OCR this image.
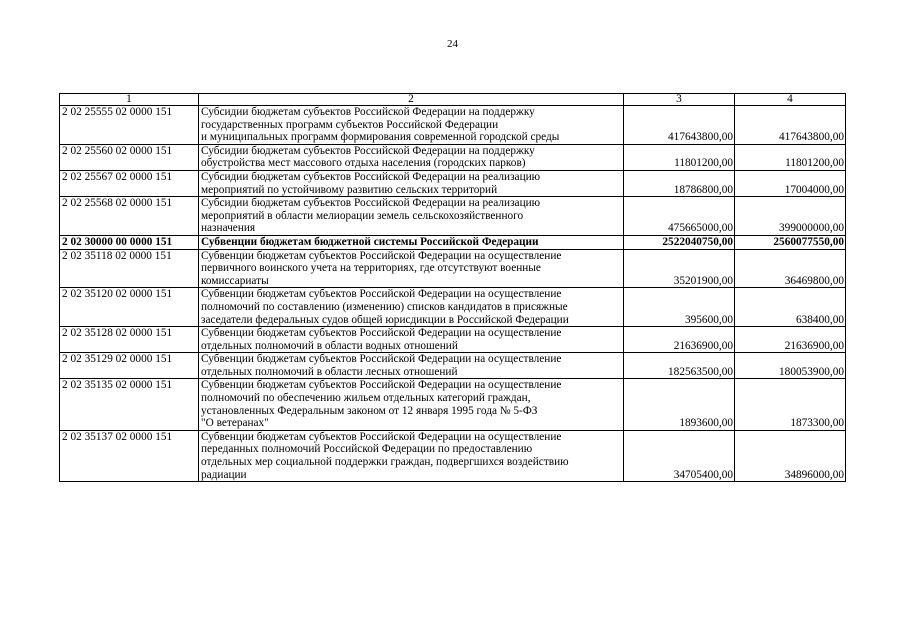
24
1	2	3	4
2 02 25555 02 0000 151	Субсидии бюджетам субъектов Российской Федерации на поддержку
государственных программ субъектов Российской Федерации
и муниципальных программ формирования современной городской среды	417643800,00	417643800,00
2 02 25560 02 0000 151	Субсидии бюджетам субъектов Российской Федерации на поддержку
обустройства мест массового отдыха населения (городских парков)	11801200,00	11801200,00
2 02 25567 02 0000 151	Субсидии бюджетам субъектов Российской Федерации на реализацию
мероприятий по устойчивому развитию сельских территорий	18786800,00	17004000,00
2 02 25568 02 0000 151	Субсидии бюджетам субъектов Российской Федерации на реализацию
мероприятий в области мелиорации земель сельскохозяйственного
назначения	475665000,00	399000000,00
2 02 30000 00 0000 151	Субвенции бюджетам бюджетной системы Российской Федерации	2522040750,00	2560077550,00
2 02 35118 02 0000 151	Субвенции бюджетам субъектов Российской Федерации на осуществление
первичного воинского учета на территориях, где отсутствуют военные
комиссариаты	35201900,00	36469800,00
2 02 35120 02 0000 151	Субвенции бюджетам субъектов Российской Федерации на осуществление
полномочий по составлению (изменению) списков кандидатов в присяжные
заседатели федеральных судов общей юрисдикции в Российской Федерации	395600,00	638400,00
2 02 35128 02 0000 151	Субвенции бюджетам субъектов Российской Федерации на осуществление
отдельных полномочий в области водных отношений	21636900,00	21636900,00
2 02 35129 02 0000 151	Субвенции бюджетам субъектов Российской Федерации на осуществление
отдельных полномочий в области лесных отношений	182563500,00	180053900,00
2 02 35135 02 0000 151	Субвенции бюджетам субъектов Российской Федерации на осуществление
полномочий по обеспечению жильем отдельных категорий граждан,
установленных Федеральным законом от 12 января 1995 года № 5-ФЗ
"О ветеранах"	1893600,00	1873300,00
2 02 35137 02 0000 151	Субвенции бюджетам субъектов Российской Федерации на осуществление
переданных полномочий Российской Федерации по предоставлению
отдельных мер социальной поддержки граждан, подвергшихся воздействию
радиации	34705400,00	34896000,00
